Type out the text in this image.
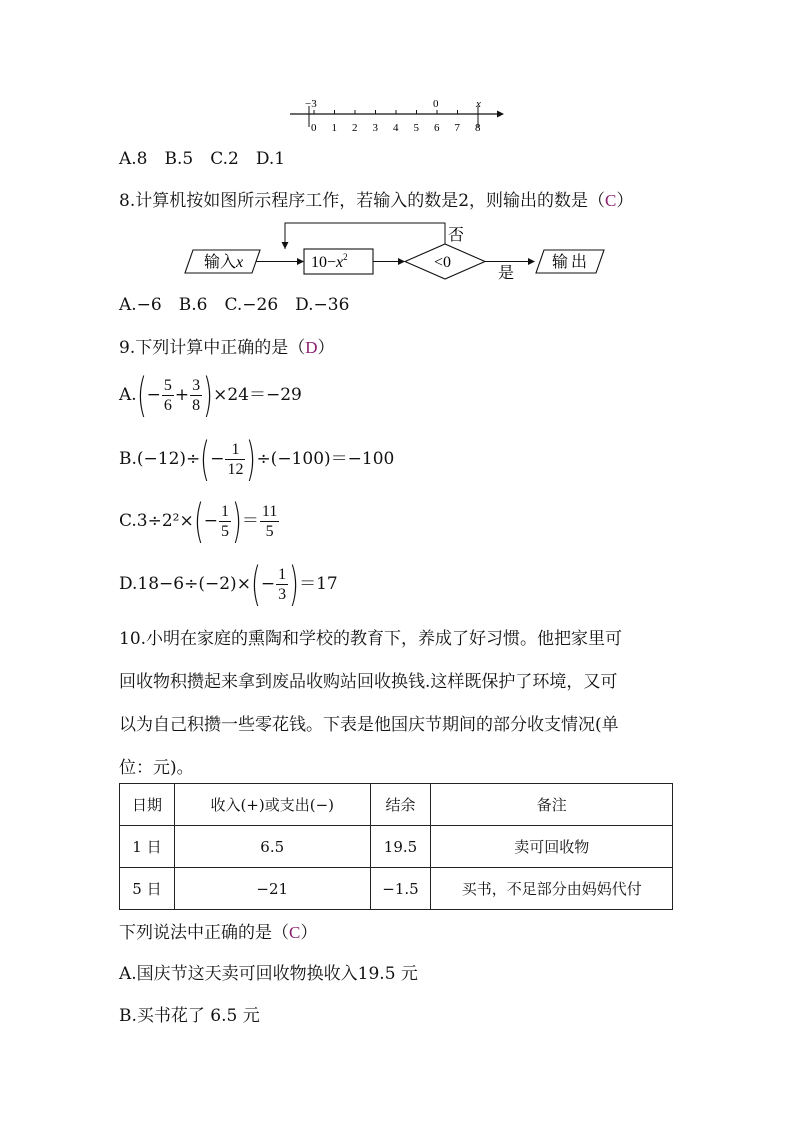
0 1 2 3 4 5 6 7 8
−3	0	x
A.8　B.5　C.2　D.1
8.计算机按如图所示程序工作，若输入的数是2，则输出的数是（C）
输入x	$10-x^2$	<0
否
是
输出
A.−6　B.6　C.−26　D.−36
9.下列计算中正确的是（D）
A. ( − $\frac{5}{6} + \frac{3}{8}$ ) ×24＝−29
B.(−12)÷ ( − $\frac{1}{12}$ ) ÷(−100)＝−100
C.3÷2²× ( − $\frac{1}{5}$ ) ＝ $\frac{11}{5}$
D.18−6÷(−2)× ( − $\frac{1}{3}$ ) ＝17
10.小明在家庭的熏陶和学校的教育下，养成了好习惯。他把家里可
回收物积攒起来拿到废品收购站回收换钱.这样既保护了环境，又可
以为自己积攒一些零花钱。下表是他国庆节期间的部分收支情况(单
位：元)。
日期	收入(+)或支出(−)	结余	备注
1 日	6.5	19.5	卖可回收物
5 日	−21	−1.5	买书，不足部分由妈妈代付
下列说法中正确的是（C）
A.国庆节这天卖可回收物换收入19.5 元
B.买书花了 6.5 元
